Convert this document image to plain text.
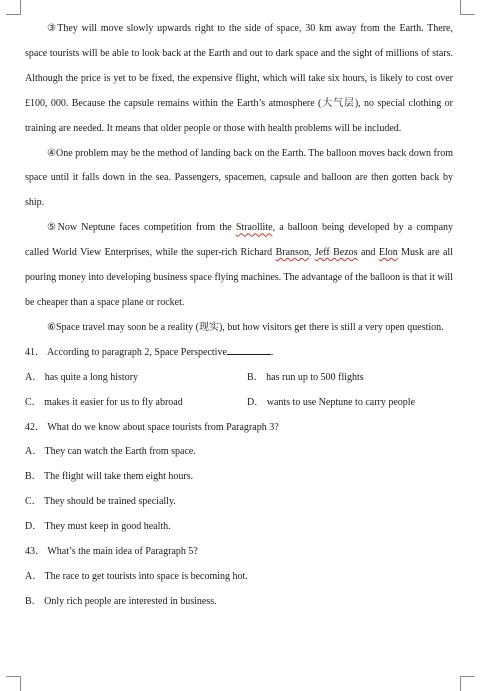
③They will move slowly upwards right to the side of space, 30 km away from the Earth. There, space tourists will be able to look back at the Earth and out to dark space and the sight of millions of stars. Although the price is yet to be fixed, the expensive flight, which will take six hours, is likely to cost over £100, 000. Because the capsule remains within the Earth’s atmosphere (大气层), no special clothing or training are needed. It means that older people or those with health problems will be included.

④One problem may be the method of landing back on the Earth. The balloon moves back down from space until it falls down in the sea. Passengers, spacemen, capsule and balloon are then gotten back by ship.

⑤Now Neptune faces competition from the Straollite, a balloon being developed by a company called World View Enterprises, while the super-rich Richard Branson, Jeff Bezos and Elon Musk are all pouring money into developing business space flying machines. The advantage of the balloon is that it will be cheaper than a space plane or rocket.

⑥Space travel may soon be a reality (现实), but how visitors get there is still a very open question.

41． According to paragraph 2, Space Perspective	.

A． has quite a long history	B． has run up to 500 flights
C． makes it easier for us to fly abroad	D． wants to use Neptune to carry people

42． What do we know about space tourists from Paragraph 3?

A． They can watch the Earth from space.

B． The flight will take them eight hours.

C． They should be trained specially.

D． They must keep in good health.

43． What’s the main idea of Paragraph 5?

A． The race to get tourists into space is becoming hot.

B． Only rich people are interested in business.
